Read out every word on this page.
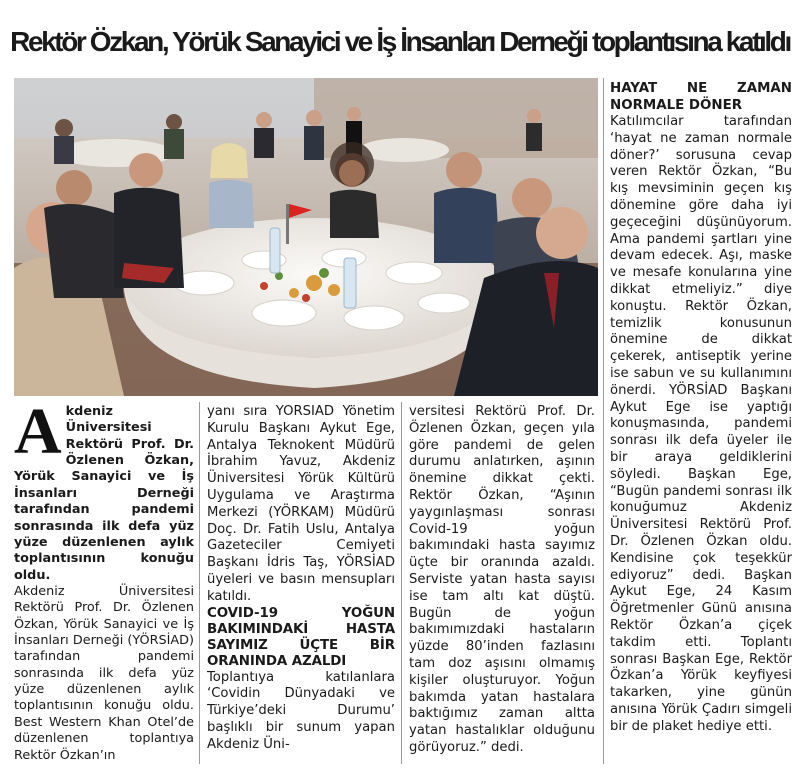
Rektör Özkan, Yörük Sanayici ve İş İnsanları Derneği toplantısına katıldı

Akdeniz Üniversitesi Rektörü Prof. Dr. Özlenen Özkan, Yörük Sanayici ve İş İnsanları Derneği tarafından pandemi sonrasında ilk defa yüz yüze düzenlenen aylık toplantısının konuğu oldu.

Akdeniz Üniversitesi Rektörü Prof. Dr. Özlenen Özkan, Yörük Sanayici ve İş İnsanları Derneği (YÖRSİAD) tarafından pandemi sonrasında ilk defa yüz yüze düzenlenen aylık toplantısının konuğu oldu. Best Western Khan Otel’de düzenlenen toplantıya Rektör Özkan’ın

yanı sıra YÖRSİAD Yönetim Kurulu Başkanı Aykut Ege, Antalya Teknokent Müdürü İbrahim Yavuz, Akdeniz Üniversitesi Yörük Kültürü Uygulama ve Araştırma Merkezi (YÖRKAM) Müdürü Doç. Dr. Fatih Uslu, Antalya Gazeteciler Cemiyeti Başkanı İdris Taş, YÖRSİAD üyeleri ve basın mensupları katıldı.

COVID-19 YOĞUN BAKIMINDAKİ HASTA SAYIMIZ ÜÇTE BİR ORANINDA AZALDI

Toplantıya katılanlara ‘Covidin Dünyadaki ve Türkiye’deki Durumu’ başlıklı bir sunum yapan Akdeniz Üni-

versitesi Rektörü Prof. Dr. Özlenen Özkan, geçen yıla göre pandemi de gelen durumu anlatırken, aşının önemine dikkat çekti. Rektör Özkan, “Aşının yaygınlaşması sonrası Covid-19 yoğun bakımındaki hasta sayımız üçte bir oranında azaldı. Serviste yatan hasta sayısı ise tam altı kat düştü. Bugün de yoğun bakımımızdaki hastaların yüzde 80’inden fazlasını tam doz aşısını olmamış kişiler oluşturuyor. Yoğun bakımda yatan hastalara baktığımız zaman altta yatan hastalıklar olduğunu görüyoruz.” dedi.

HAYAT NE ZAMAN NORMALE DÖNER

Katılımcılar tarafından ‘hayat ne zaman normale döner?’ sorusuna cevap veren Rektör Özkan, “Bu kış mevsiminin geçen kış dönemine göre daha iyi geçeceğini düşünüyorum. Ama pandemi şartları yine devam edecek. Aşı, maske ve mesafe konularına yine dikkat etmeliyiz.” diye konuştu. Rektör Özkan, temizlik konusunun önemine de dikkat çekerek, antiseptik yerine ise sabun ve su kullanımını önerdi. YÖRSİAD Başkanı Aykut Ege ise yaptığı konuşmasında, pandemi sonrası ilk defa üyeler ile bir araya geldiklerini söyledi. Başkan Ege, “Bugün pandemi sonrası ilk konuğumuz Akdeniz Üniversitesi Rektörü Prof. Dr. Özlenen Özkan oldu. Kendisine çok teşekkür ediyoruz” dedi. Başkan Aykut Ege, 24 Kasım Öğretmenler Günü anısına Rektör Özkan’a çiçek takdim etti. Toplantı sonrası Başkan Ege, Rektör Özkan’a Yörük keyfiyesi takarken, yine günün anısına Yörük Çadırı simgeli bir de plaket hediye etti.
